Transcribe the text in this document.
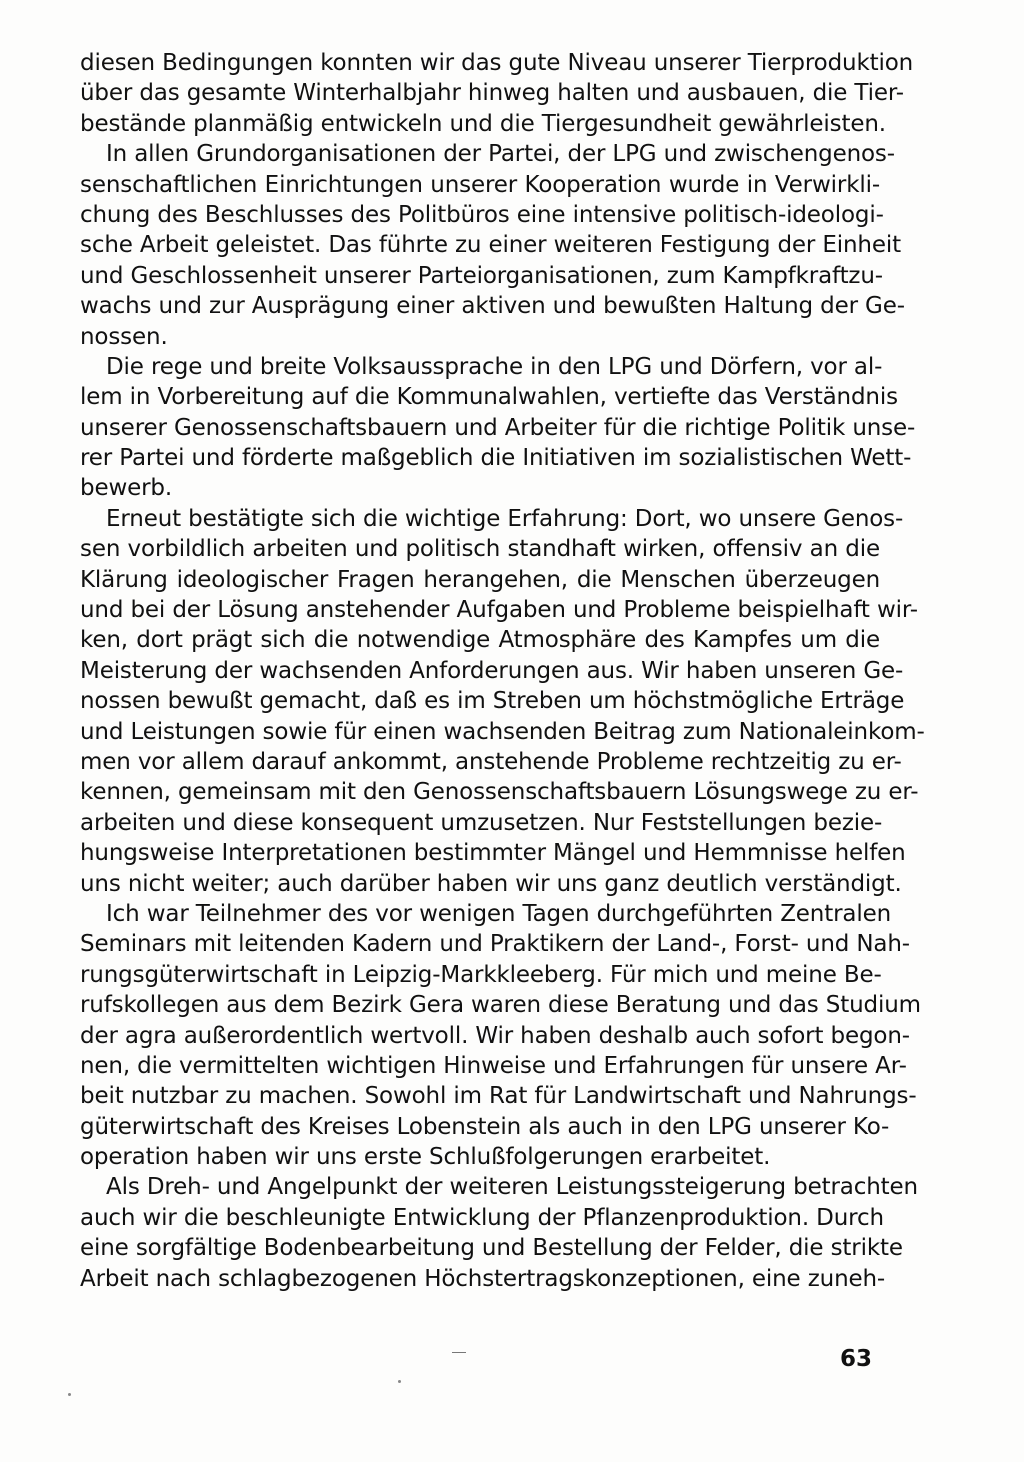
diesen Bedingungen konnten wir das gute Niveau unserer Tierproduktion
über das gesamte Winterhalbjahr hinweg halten und ausbauen, die Tier-
bestände planmäßig entwickeln und die Tiergesundheit gewährleisten.
In allen Grundorganisationen der Partei, der LPG und zwischengenos-
senschaftlichen Einrichtungen unserer Kooperation wurde in Verwirkli-
chung des Beschlusses des Politbüros eine intensive politisch-ideologi-
sche Arbeit geleistet. Das führte zu einer weiteren Festigung der Einheit
und Geschlossenheit unserer Parteiorganisationen, zum Kampfkraftzu-
wachs und zur Ausprägung einer aktiven und bewußten Haltung der Ge-
nossen.
Die rege und breite Volksaussprache in den LPG und Dörfern, vor al-
lem in Vorbereitung auf die Kommunalwahlen, vertiefte das Verständnis
unserer Genossenschaftsbauern und Arbeiter für die richtige Politik unse-
rer Partei und förderte maßgeblich die Initiativen im sozialistischen Wett-
bewerb.
Erneut bestätigte sich die wichtige Erfahrung: Dort, wo unsere Genos-
sen vorbildlich arbeiten und politisch standhaft wirken, offensiv an die
Klärung ideologischer Fragen herangehen, die Menschen überzeugen
und bei der Lösung anstehender Aufgaben und Probleme beispielhaft wir-
ken, dort prägt sich die notwendige Atmosphäre des Kampfes um die
Meisterung der wachsenden Anforderungen aus. Wir haben unseren Ge-
nossen bewußt gemacht, daß es im Streben um höchstmögliche Erträge
und Leistungen sowie für einen wachsenden Beitrag zum Nationaleinkom-
men vor allem darauf ankommt, anstehende Probleme rechtzeitig zu er-
kennen, gemeinsam mit den Genossenschaftsbauern Lösungswege zu er-
arbeiten und diese konsequent umzusetzen. Nur Feststellungen bezie-
hungsweise Interpretationen bestimmter Mängel und Hemmnisse helfen
uns nicht weiter; auch darüber haben wir uns ganz deutlich verständigt.
Ich war Teilnehmer des vor wenigen Tagen durchgeführten Zentralen
Seminars mit leitenden Kadern und Praktikern der Land-, Forst- und Nah-
rungsgüterwirtschaft in Leipzig-Markkleeberg. Für mich und meine Be-
rufskollegen aus dem Bezirk Gera waren diese Beratung und das Studium
der agra außerordentlich wertvoll. Wir haben deshalb auch sofort begon-
nen, die vermittelten wichtigen Hinweise und Erfahrungen für unsere Ar-
beit nutzbar zu machen. Sowohl im Rat für Landwirtschaft und Nahrungs-
güterwirtschaft des Kreises Lobenstein als auch in den LPG unserer Ko-
operation haben wir uns erste Schlußfolgerungen erarbeitet.
Als Dreh- und Angelpunkt der weiteren Leistungssteigerung betrachten
auch wir die beschleunigte Entwicklung der Pflanzenproduktion. Durch
eine sorgfältige Bodenbearbeitung und Bestellung der Felder, die strikte
Arbeit nach schlagbezogenen Höchstertragskonzeptionen, eine zuneh-
63
